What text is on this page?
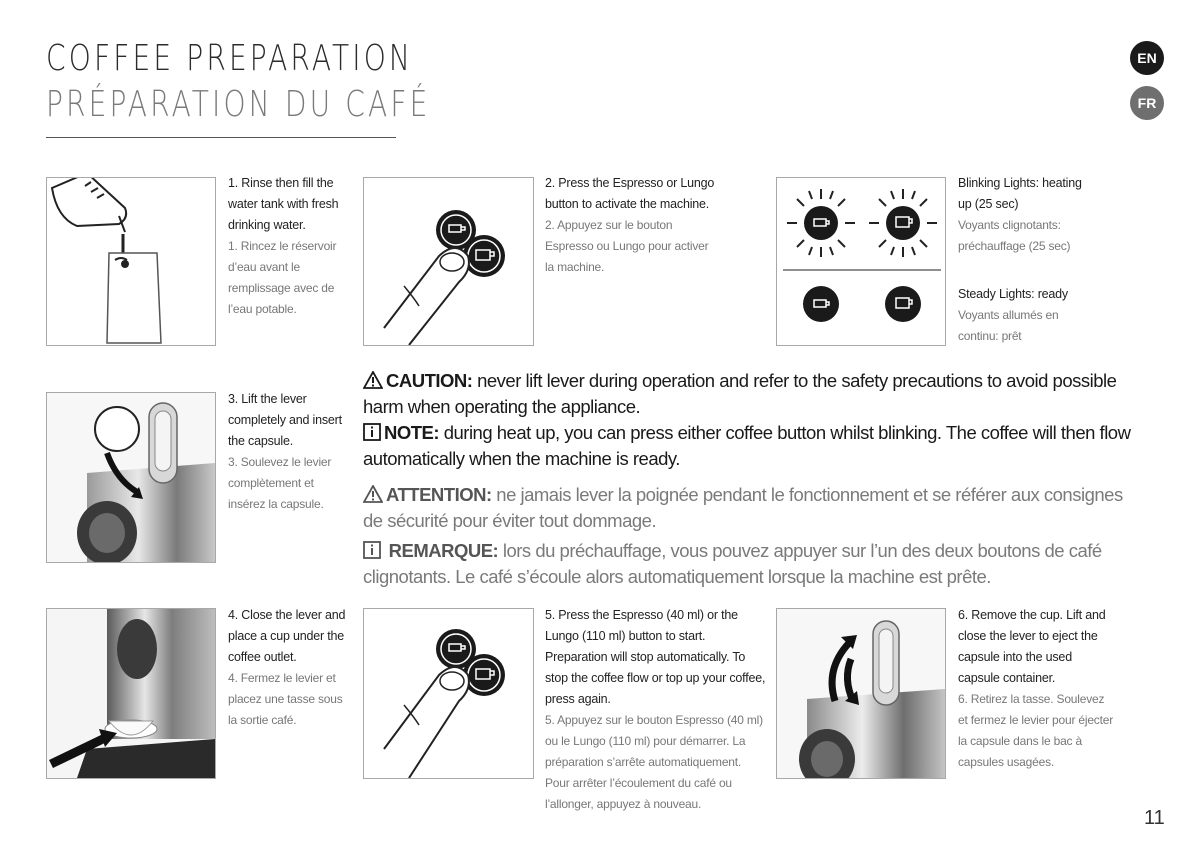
COFFEE PREPARATION
PRÉPARATION DU CAFÉ
EN
FR
1. Rinse then fill the water tank with fresh drinking water.
1. Rincez le réservoir d’eau avant le remplissage avec de l’eau potable.
2. Press the Espresso or Lungo button to activate the machine.
2. Appuyez sur le bouton Espresso ou Lungo pour activer la machine.
Blinking Lights: heating up (25 sec)
Voyants clignotants: préchauffage (25 sec)
Steady Lights: ready
Voyants allumés en continu: prêt
3. Lift the lever completely and insert the capsule.
3. Soulevez le levier complètement et insérez la capsule.
CAUTION: never lift lever during operation and refer to the safety precautions to avoid possible harm when operating the appliance.
NOTE: during heat up, you can press either coffee button whilst blinking. The coffee will then flow automatically when the machine is ready.
ATTENTION: ne jamais lever la poignée pendant le fonctionnement et se référer aux consignes de sécurité pour éviter tout dommage.
REMARQUE: lors du préchauffage, vous pouvez appuyer sur l’un des deux boutons de café clignotants. Le café s’écoule alors automatiquement lorsque la machine est prête.
4. Close the lever and place a cup under the coffee outlet.
4. Fermez le levier et placez une tasse sous la sortie café.
5. Press the Espresso (40 ml) or the Lungo (110 ml) button to start. Preparation will stop automatically. To stop the coffee flow or top up your coffee, press again.
5. Appuyez sur le bouton Espresso (40 ml) ou le Lungo (110 ml) pour démarrer. La préparation s’arrête automatiquement. Pour arrêter l’écoulement du café ou l’allonger, appuyez à nouveau.
6. Remove the cup. Lift and close the lever to eject the capsule into the used capsule container.
6. Retirez la tasse. Soulevez et fermez le levier pour éjecter la capsule dans le bac à capsules usagées.
11
